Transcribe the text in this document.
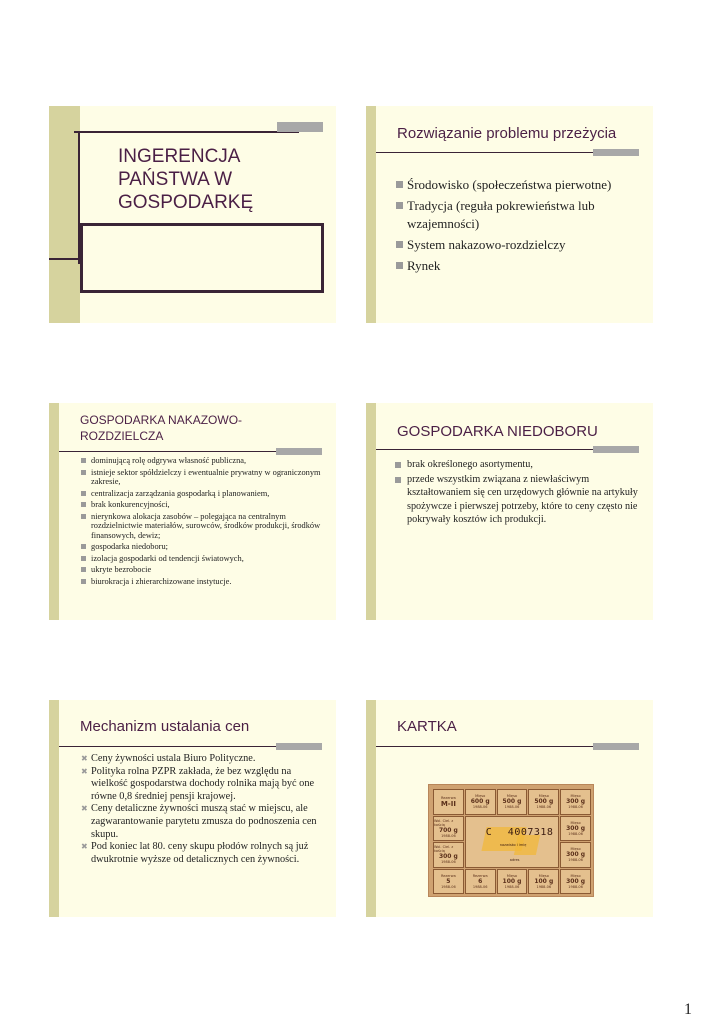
INGERENCJA
PAŃSTWA W
GOSPODARKĘ
Rozwiązanie problemu przeżycia
Środowisko (społeczeństwa pierwotne)
Tradycja (reguła pokrewieństwa lub wzajemności)
System nakazowo-rozdzielczy
Rynek
GOSPODARKA NAKAZOWO-ROZDZIELCZA
dominującą rolę odgrywa własność publiczna,
istnieje sektor spółdzielczy i ewentualnie prywatny w ograniczonym zakresie,
centralizacja zarządzania gospodarką i planowaniem,
brak konkurencyjności,
nierynkowa alokacja zasobów – polegająca na centralnym rozdzielnictwie materiałów, surowców, środków produkcji, środków finansowych, dewiz;
gospodarka niedoboru;
izolacja gospodarki od tendencji światowych,
ukryte bezrobocie
biurokracja i zhierarchizowane instytucje.
GOSPODARKA NIEDOBORU
brak określonego asortymentu,
przede wszystkim związana z niewłaściwym kształtowaniem się cen urzędowych głównie na artykuły spożywcze i pierwszej potrzeby, które to ceny często nie pokrywały kosztów ich produkcji.
Mechanizm ustalania cen
✖ Ceny żywności ustala Biuro Polityczne.
✖ Polityka rolna PZPR zakłada, że bez względu na wielkość gospodarstwa dochody rolnika mają być one równe 0,8 średniej pensji krajowej.
✖ Ceny detaliczne żywności muszą stać w miejscu, ale zagwarantowanie parytetu zmusza do podnoszenia cen skupu.
✖ Pod koniec lat 80. ceny skupu płodów rolnych są już dwukrotnie wyższe od detalicznych cen żywności.
KARTKA
Rezerwa
M-II
Mięso
600 g
1988-06
Mięso
500 g
1988-06
Mięso
500 g
1988-06
Mięso
300 g
1988-06
Wol. Ciel. z kością
700 g
1988-06	C 4007318
nazwisko i imię
adres
Mięso
300 g
1988-06
Wol. Ciel. z kością
300 g
1988-06
Mięso
300 g
1988-06
Rezerwa
5
1988-06
Rezerwa
6
1988-06
Mięso
100 g
1988-06
Mięso
100 g
1988-06
Mięso
300 g
1988-06
1
